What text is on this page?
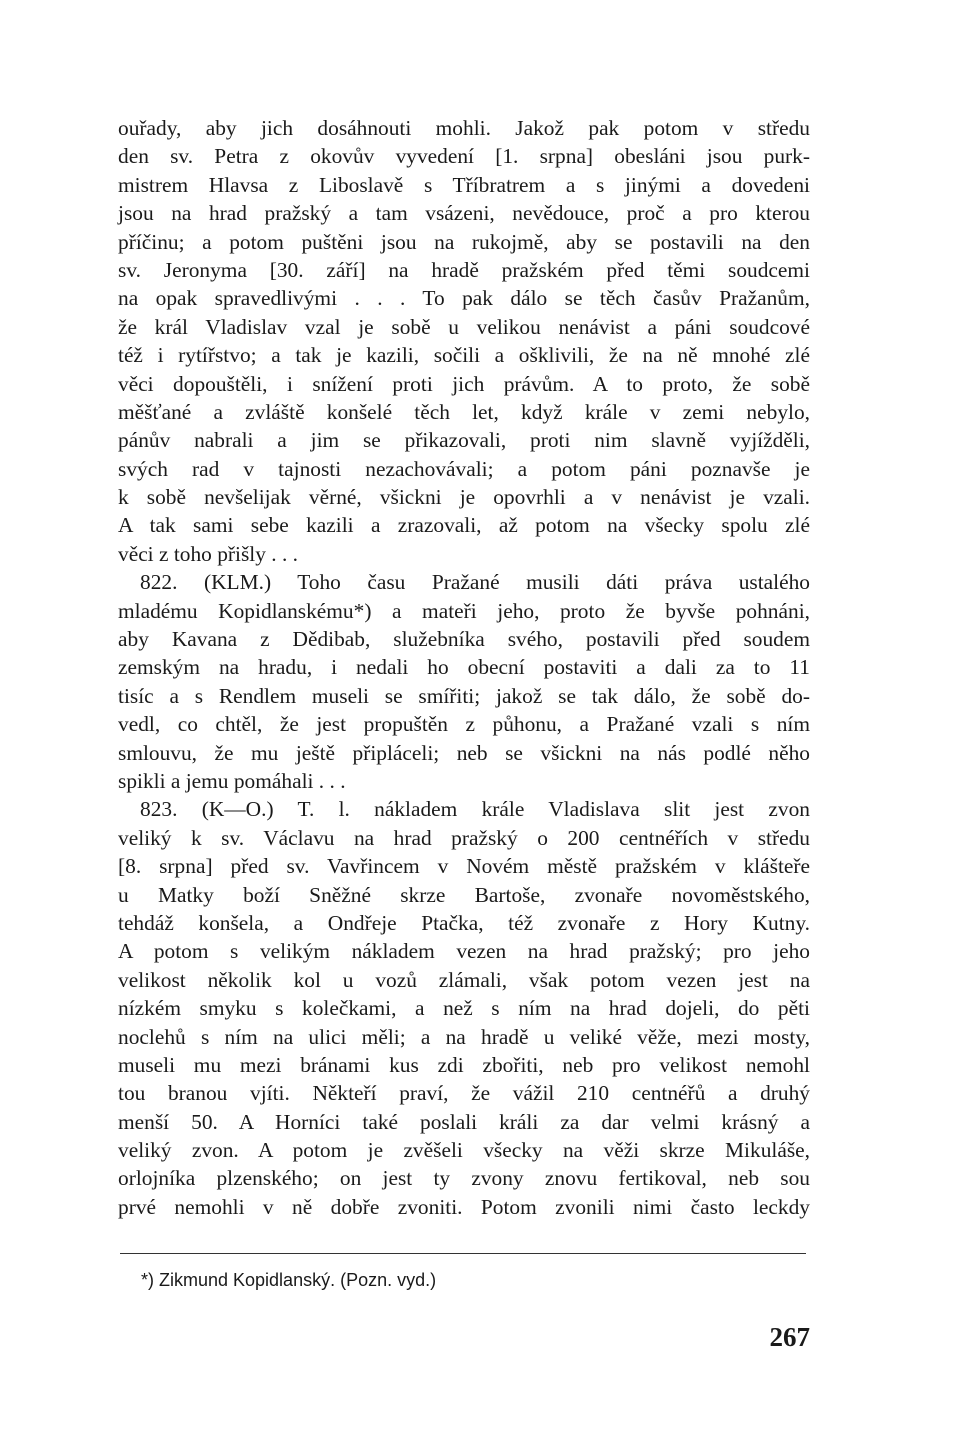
ouřady, aby jich dosáhnouti mohli. Jakož pak potom v středu
den sv. Petra z okovův vyvedení [1. srpna] obesláni jsou purk-
mistrem Hlavsa z Liboslavě s Tříbratrem a s jinými a dovedeni
jsou na hrad pražský a tam vsázeni, nevědouce, proč a pro kterou
příčinu; a potom puštěni jsou na rukojmě, aby se postavili na den
sv. Jeronyma [30. září] na hradě pražském před těmi soudcemi
na opak spravedlivými . . . To pak dálo se těch časův Pražanům,
že král Vladislav vzal je sobě u velikou nenávist a páni soudcové
též i rytířstvo; a tak je kazili, sočili a ošklivili, že na ně mnohé zlé
věci dopouštěli, i snížení proti jich právům. A to proto, že sobě
měšťané a zvláště konšelé těch let, když krále v zemi nebylo,
pánův nabrali a jim se přikazovali, proti nim slavně vyjížděli,
svých rad v tajnosti nezachovávali; a potom páni poznavše je
k sobě nevšelijak věrné, všickni je opovrhli a v nenávist je vzali.
A tak sami sebe kazili a zrazovali, až potom na všecky spolu zlé
věci z toho přišly . . .
822. (KLM.) Toho času Pražané musili dáti práva ustalého
mladému Kopidlanskému*) a mateři jeho, proto že byvše pohnáni,
aby Kavana z Dědibab, služebníka svého, postavili před soudem
zemským na hradu, i nedali ho obecní postaviti a dali za to 11
tisíc a s Rendlem museli se smířiti; jakož se tak dálo, že sobě do-
vedl, co chtěl, že jest propuštěn z půhonu, a Pražané vzali s ním
smlouvu, že mu ještě připláceli; neb se všickni na nás podlé něho
spikli a jemu pomáhali . . .
823. (K—O.) T. l. nákladem krále Vladislava slit jest zvon
veliký k sv. Václavu na hrad pražský o 200 centnéřích v středu
[8. srpna] před sv. Vavřincem v Novém městě pražském v klášteře
u Matky boží Sněžné skrze Bartoše, zvonaře novoměstského,
tehdáž konšela, a Ondřeje Ptačka, též zvonaře z Hory Kutny.
A potom s velikým nákladem vezen na hrad pražský; pro jeho
velikost několik kol u vozů zlámali, však potom vezen jest na
nízkém smyku s kolečkami, a než s ním na hrad dojeli, do pěti
noclehů s ním na ulici měli; a na hradě u veliké věže, mezi mosty,
museli mu mezi bránami kus zdi zbořiti, neb pro velikost nemohl
tou branou vjíti. Někteří praví, že vážil 210 centnéřů a druhý
menší 50. A Horníci také poslali králi za dar velmi krásný a
veliký zvon. A potom je zvěšeli všecky na věži skrze Mikuláše,
orlojníka plzenského; on jest ty zvony znovu fertikoval, neb sou
prvé nemohli v ně dobře zvoniti. Potom zvonili nimi často leckdy
*) Zikmund Kopidlanský. (Pozn. vyd.)
267
